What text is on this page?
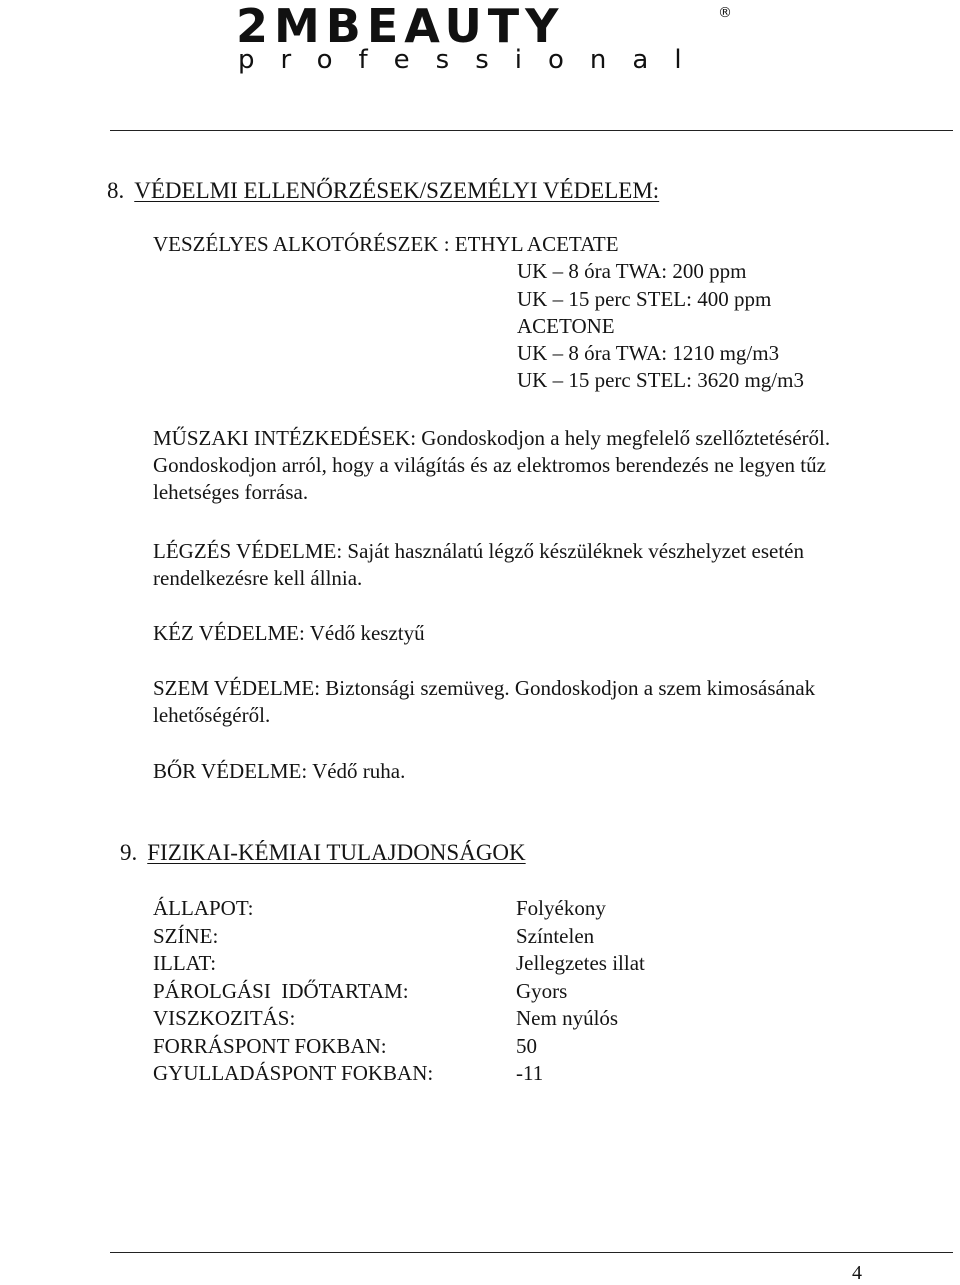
2MBEAUTY	®
professional
8. VÉDELMI ELLENŐRZÉSEK/SZEMÉLYI VÉDELEM:
VESZÉLYES ALKOTÓRÉSZEK : ETHYL ACETATE
UK – 8 óra TWA: 200 ppm
UK – 15 perc STEL: 400 ppm
ACETONE
UK – 8 óra TWA: 1210 mg/m3
UK – 15 perc STEL: 3620 mg/m3
MŰSZAKI INTÉZKEDÉSEK: Gondoskodjon a hely megfelelő szellőztetéséről. Gondoskodjon arról, hogy a világítás és az elektromos berendezés ne legyen tűz lehetséges forrása.
LÉGZÉS VÉDELME: Saját használatú légző készüléknek vészhelyzet esetén rendelkezésre kell állnia.
KÉZ VÉDELME: Védő kesztyű
SZEM VÉDELME: Biztonsági szemüveg. Gondoskodjon a szem kimosásának lehetőségéről.
BŐR VÉDELME: Védő ruha.
9. FIZIKAI-KÉMIAI TULAJDONSÁGOK
ÁLLAPOT:	Folyékony
SZÍNE:	Színtelen
ILLAT:	Jellegzetes illat
PÁROLGÁSI  IDŐTARTAM:	Gyors
VISZKOZITÁS:	Nem nyúlós
FORRÁSPONT FOKBAN:	50
GYULLADÁSPONT FOKBAN:	-11
4
